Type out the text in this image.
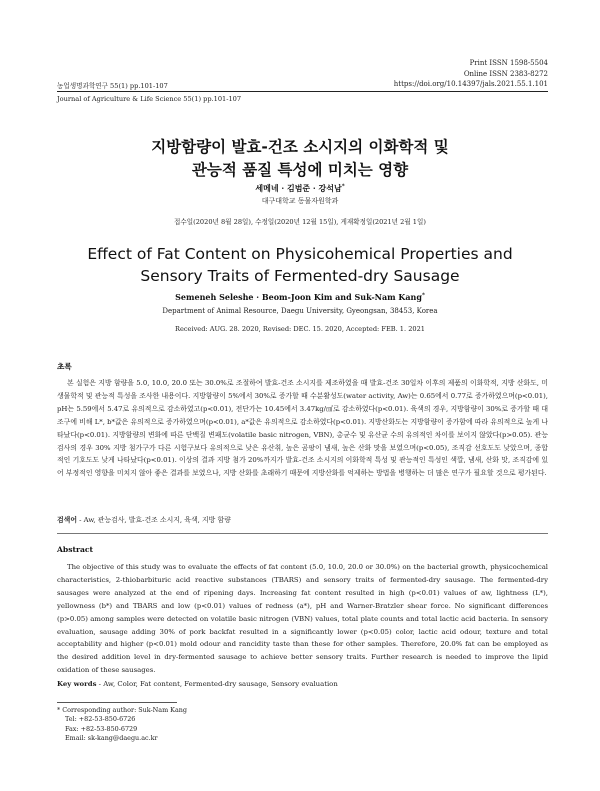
Print ISSN 1598-5504
Online ISSN 2383-8272
https://doi.org/10.14397/jals.2021.55.1.101
농업생명과학연구 55(1) pp.101-107
Journal of Agriculture & Life Science 55(1) pp.101-107
지방함량이 발효-건조 소시지의 이화학적 및
관능적 품질 특성에 미치는 영향
세메네 · 김범준 · 강석남*
대구대학교 동물자원학과
접수일(2020년 8월 28일), 수정일(2020년 12월 15일), 게재확정일(2021년 2월 1일)
Effect of Fat Content on Physicohemical Properties and
Sensory Traits of Fermented-dry Sausage
Semeneh Seleshe · Beom-Joon Kim and Suk-Nam Kang*
Department of Animal Resource, Daegu University, Gyeongsan, 38453, Korea
Received: AUG. 28. 2020, Revised: DEC. 15. 2020, Accepted: FEB. 1. 2021
초록
본 실험은 지방 함량을 5.0, 10.0, 20.0 또는 30.0%로 조절하여 발효-건조 소시지를 제조하였을 때 발효-건조 30일차 이후의 제품의 이화학적, 지방 산화도, 미생물학적 및 관능적 특성을 조사한 내용이다. 지방함량이 5%에서 30%로 증가할 때 수분활성도(water activity, Aw)는 0.65에서 0.77로 증가하였으며(p<0.01), pH는 5.59에서 5.47로 유의적으로 감소하였고(p<0.01), 전단가는 10.45에서 3.47kg/㎠로 감소하였다(p<0.01). 육색의 경우, 지방함량이 30%로 증가할 때 대조구에 비해 L*, b*값은 유의적으로 증가하였으며(p<0.01), a*값은 유의적으로 감소하였다(p<0.01). 지방산화도는 지방함량이 증가함에 따라 유의적으로 높게 나타났다(p<0.01). 지방함량의 변화에 따른 단백질 변패도(volatile basic nitrogen, VBN), 총균수 및 유산균 수의 유의적인 차이를 보이지 않았다(p>0.05). 관능검사의 경우 30% 지방 첨가구가 다른 시험구보다 유의적으로 낮은 유산취, 높은 곰팡이 냄새, 높은 산화 맛을 보였으며(p<0.05), 조직감 선호도도 낮았으며, 종합적인 기호도도 낮게 나타났다(p<0.01). 이상의 결과 지방 첨가 20%까지가 발효-건조 소시지의 이화학적 특성 및 관능적인 특성인 색깔, 냄새, 산화 맛, 조직감에 있어 부정적인 영향을 미치지 않아 좋은 결과를 보였으나, 지방 산화를 초래하기 때문에 지방산화를 억제하는 방법을 병행하는 더 많은 연구가 필요할 것으로 평가된다.
검색어 - Aw, 관능검사, 발효-건조 소시지, 육색, 지방 함량
Abstract
The objective of this study was to evaluate the effects of fat content (5.0, 10.0, 20.0 or 30.0%) on the bacterial growth, physicochemical characteristics, 2-thiobarbituric acid reactive substances (TBARS) and sensory traits of fermented-dry sausage. The fermented-dry sausages were analyzed at the end of ripening days. Increasing fat content resulted in high (p<0.01) values of aw, lightness (L*), yellowness (b*) and TBARS and low (p<0.01) values of redness (a*), pH and Warner-Bratzler shear force. No significant differences (p>0.05) among samples were detected on volatile basic nitrogen (VBN) values, total plate counts and total lactic acid bacteria. In sensory evaluation, sausage adding 30% of pork backfat resulted in a significantly lower (p<0.05) color, lactic acid odour, texture and total acceptability and higher (p<0.01) mold odour and rancidity taste than these for other samples. Therefore, 20.0% fat can be employed as the desired addition level in dry-fermented sausage to achieve better sensory traits. Further research is needed to improve the lipid oxidation of these sausages.
Key words - Aw, Color, Fat content, Fermented-dry sausage, Sensory evaluation
* Corresponding author: Suk-Nam Kang
Tel: +82-53-850-6726
Fax: +82-53-850-6729
Email: sk-kang@daegu.ac.kr
